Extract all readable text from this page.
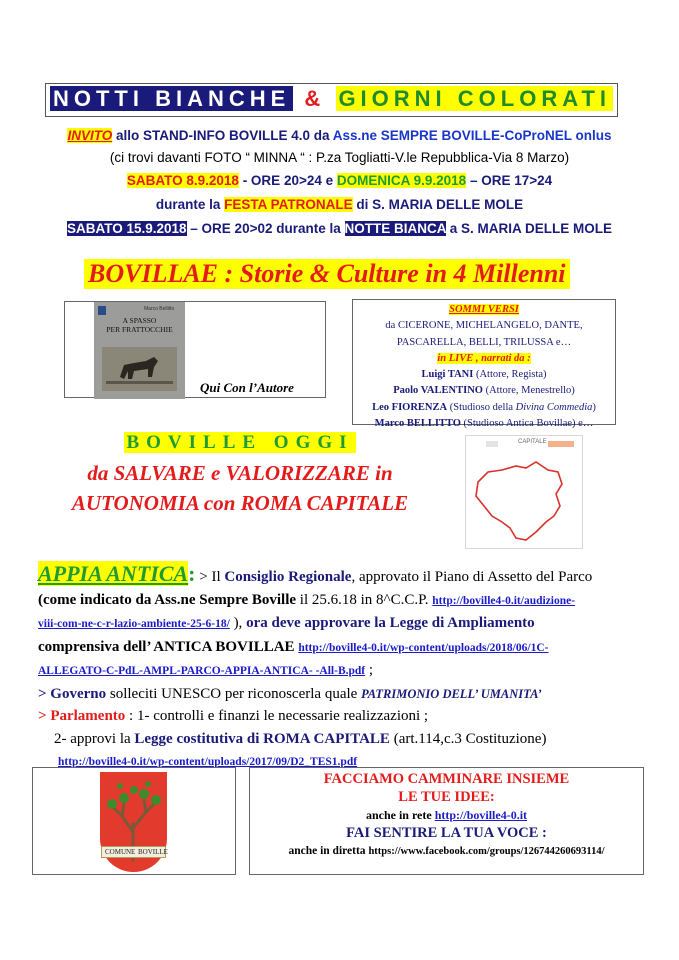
NOTTI BIANCHE & GIORNI COLORATI
INVITO allo STAND-INFO BOVILLE 4.0 da Ass.ne SEMPRE BOVILLE-CoProNEL onlus
(ci trovi davanti FOTO “ MINNA “ : P.za Togliatti-V.le Repubblica-Via 8 Marzo)
SABATO 8.9.2018 - ORE 20>24 e DOMENICA 9.9.2018 – ORE 17>24
durante la FESTA PATRONALE di S. MARIA DELLE MOLE
SABATO 15.9.2018 – ORE 20>02 durante la NOTTE BIANCA a S. MARIA DELLE MOLE
BOVILLAE : Storie & Culture in 4 Millenni
Marco Bellitto
A SPASSO
PER FRATTOCCHIE
Qui Con l’Autore
SOMMI VERSI
da CICERONE, MICHELANGELO, DANTE,
PASCARELLA, BELLI, TRILUSSA e…
in LIVE , narrati da :
Luigi TANI (Attore, Regista)
Paolo VALENTINO (Attore, Menestrello)
Leo FIORENZA (Studioso della Divina Commedia)
Marco BELLITTO (Studioso Antica Bovillae) e…
BOVILLE OGGI
da SALVARE e VALORIZZARE in
AUTONOMIA con ROMA CAPITALE
CAPITALE

APPIA ANTICA: > Il Consiglio Regionale, approvato il Piano di Assetto del Parco

(come indicato da Ass.ne Sempre Boville il 25.6.18 in 8^C.C.P. http://boville4-0.it/audizione-

viii-com-ne-c-r-lazio-ambiente-25-6-18/ ), ora deve approvare la Legge di Ampliamento

comprensiva dell’ ANTICA BOVILLAE http://boville4-0.it/wp-content/uploads/2018/06/1C-

ALLEGATO-C-PdL-AMPL-PARCO-APPIA-ANTICA- -All-B.pdf ;

> Governo solleciti UNESCO per riconoscerla quale PATRIMONIO DELL’ UMANITA’

> Parlamento : 1- controlli e finanzi le necessarie realizzazioni ;

2- approvi la Legge costitutiva di ROMA CAPITALE (art.114,c.3 Costituzione)

http://boville4-0.it/wp-content/uploads/2017/09/D2_TES1.pdf

COMUNE BOVILLE
FACCIAMO CAMMINARE INSIEME
LE TUE IDEE:
anche in rete http://boville4-0.it
FAI SENTIRE LA TUA VOCE :
anche in diretta https://www.facebook.com/groups/126744260693114/
